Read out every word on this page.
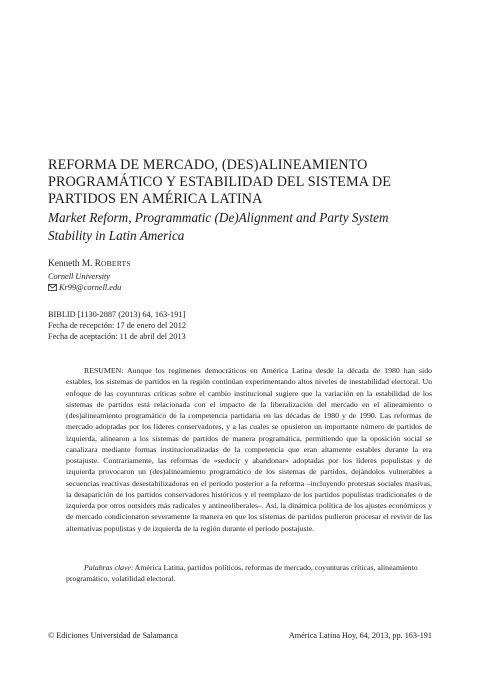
REFORMA DE MERCADO, (DES)ALINEAMIENTO
PROGRAMÁTICO Y ESTABILIDAD DEL SISTEMA DE
PARTIDOS EN AMÉRICA LATINA
Market Reform, Programmatic (De)Alignment and Party System
Stability in Latin America
Kenneth M. ROBERTS
Cornell University
Kr99@cornell.edu
BIBLID [1130-2887 (2013) 64, 163-191]
Fecha de recepción: 17 de enero del 2012
Fecha de aceptación: 11 de abril del 2013

RESUMEN: Aunque los regímenes democráticos en América Latina desde la década de 1980 han sido estables, los sistemas de partidos en la región continúan experimentando altos niveles de inestabilidad electoral. Un enfoque de las coyunturas críticas sobre el cambio institucional sugiere que la variación en la estabilidad de los sistemas de partidos está relacionada con el impacto de la liberalización del mercado en el alineamiento o (des)alineamiento programático de la competencia partidaria en las décadas de 1980 y de 1990. Las reformas de mercado adoptadas por los líderes conservadores, y a las cuales se opusieron un importante número de partidos de izquierda, alinearon a los sistemas de partidos de manera programática, permitiendo que la oposición social se canalizara mediante formas institucionalizadas de la competencia que eran altamente estables durante la era postajuste. Contrariamente, las reformas de «seducir y abandonar» adoptadas por los líderes populistas y de izquierda provocaron un (des)alineamiento programático de los sistemas de partidos, dejándolos vulnerables a secuencias reactivas desestabilizadoras en el período posterior a la reforma –incluyendo protestas sociales masivas, la desaparición de los partidos conservadores históricos y el reemplazo de los partidos populistas tradicionales o de izquierda por otros outsiders más radicales y antineoliberales–. Así, la dinámica política de los ajustes económicos y de mercado condicionaron severamente la manera en que los sistemas de partidos pudieron procesar el revivir de las alternativas populistas y de izquierda de la región durante el período postajuste.

Palabras clave: América Latina, partidos políticos, reformas de mercado, coyunturas críticas, alineamiento programático, volatilidad electoral.

© Ediciones Universidad de Salamanca	América Latina Hoy, 64, 2013, pp. 163-191
